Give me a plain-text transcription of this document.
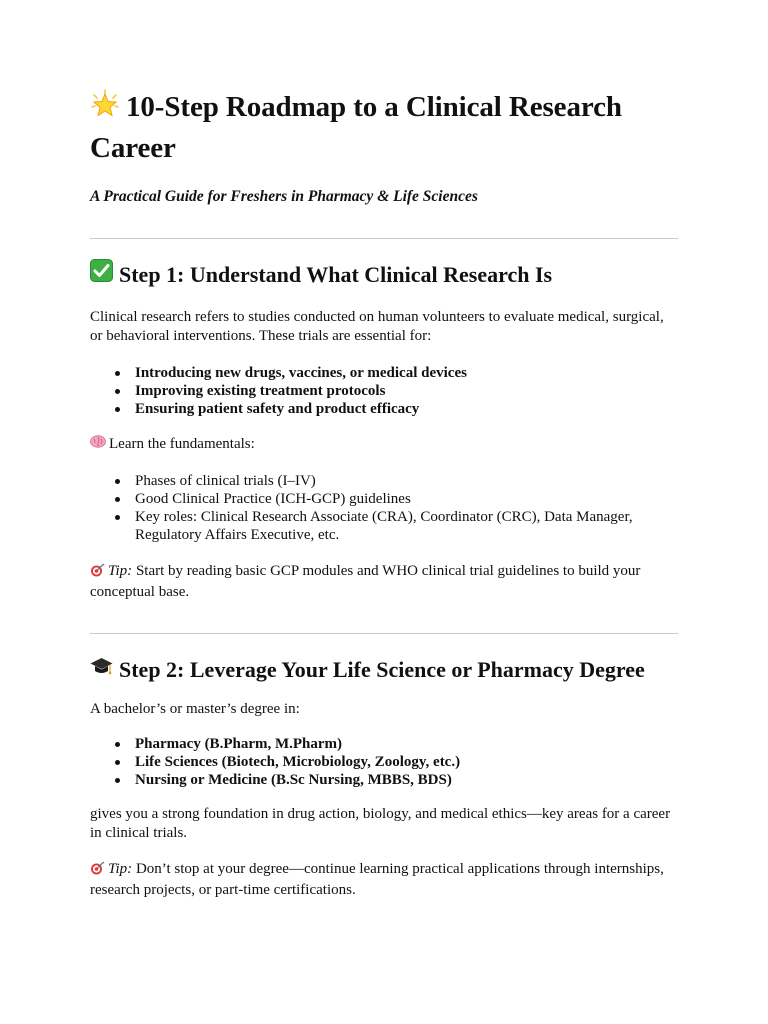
10-Step Roadmap to a Clinical Research Career

A Practical Guide for Freshers in Pharmacy & Life Sciences

Step 1: Understand What Clinical Research Is

Clinical research refers to studies conducted on human volunteers to evaluate medical, surgical, or behavioral interventions. These trials are essential for:

Introducing new drugs, vaccines, or medical devices
Improving existing treatment protocols
Ensuring patient safety and product efficacy

Learn the fundamentals:

Phases of clinical trials (I–IV)
Good Clinical Practice (ICH-GCP) guidelines
Key roles: Clinical Research Associate (CRA), Coordinator (CRC), Data Manager, Regulatory Affairs Executive, etc.

Tip: Start by reading basic GCP modules and WHO clinical trial guidelines to build your conceptual base.

Step 2: Leverage Your Life Science or Pharmacy Degree

A bachelor’s or master’s degree in:

Pharmacy (B.Pharm, M.Pharm)
Life Sciences (Biotech, Microbiology, Zoology, etc.)
Nursing or Medicine (B.Sc Nursing, MBBS, BDS)

gives you a strong foundation in drug action, biology, and medical ethics—key areas for a career in clinical trials.

Tip: Don’t stop at your degree—continue learning practical applications through internships, research projects, or part-time certifications.
